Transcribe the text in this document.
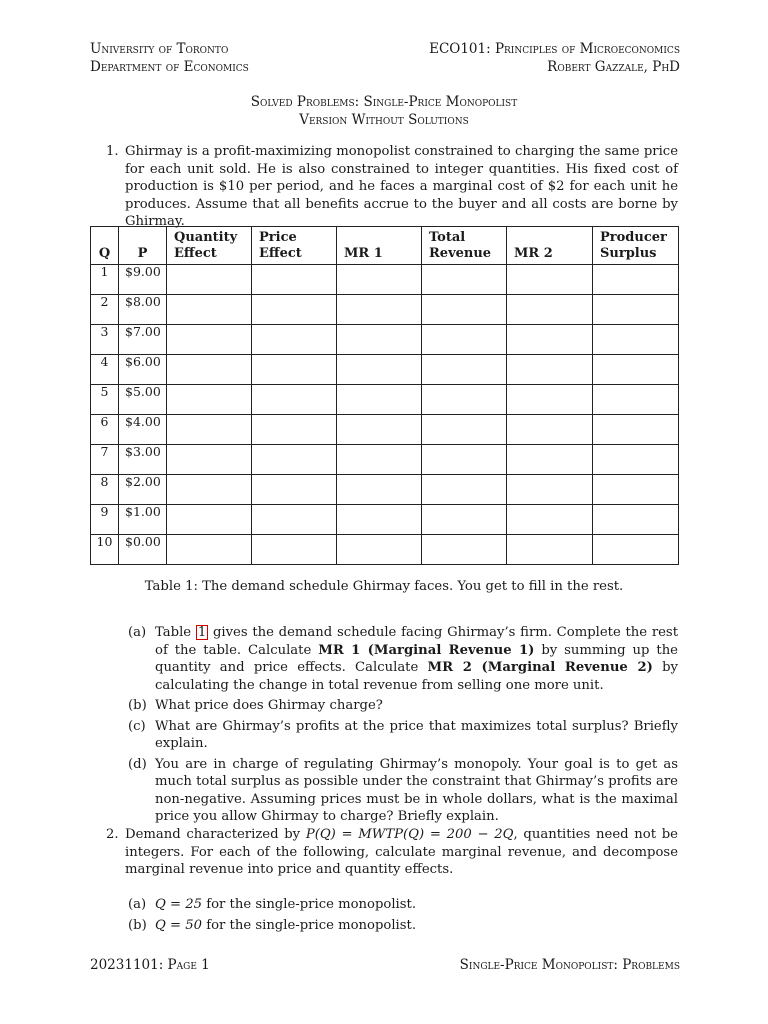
University of Toronto
Department of Economics
ECO101: Principles of Microeconomics
Robert Gazzale, PhD
Solved Problems: Single-Price Monopolist
Version Without Solutions
1. Ghirmay is a profit-maximizing monopolist constrained to charging the same price for each unit sold. He is also constrained to integer quantities. His fixed cost of production is $10 per period, and he faces a marginal cost of $2 for each unit he produces. Assume that all benefits accrue to the buyer and all costs are borne by Ghirmay.
Q	P	Quantity Effect	Price Effect	MR 1	Total Revenue	MR 2	Producer Surplus
1	$9.00						
2	$8.00						
3	$7.00						
4	$6.00						
5	$5.00						
6	$4.00						
7	$3.00						
8	$2.00						
9	$1.00						
10	$0.00						
Table 1: The demand schedule Ghirmay faces. You get to fill in the rest.
(a) Table 1 gives the demand schedule facing Ghirmay’s firm. Complete the rest of the table. Calculate MR 1 (Marginal Revenue 1) by summing up the quantity and price effects. Calculate MR 2 (Marginal Revenue 2) by calculating the change in total revenue from selling one more unit.
(b) What price does Ghirmay charge?
(c) What are Ghirmay’s profits at the price that maximizes total surplus? Briefly explain.
(d) You are in charge of regulating Ghirmay’s monopoly. Your goal is to get as much total surplus as possible under the constraint that Ghirmay’s profits are non-negative. Assuming prices must be in whole dollars, what is the maximal price you allow Ghirmay to charge? Briefly explain.
2. Demand characterized by P(Q) = MWTP(Q) = 200 − 2Q, quantities need not be integers. For each of the following, calculate marginal revenue, and decompose marginal revenue into price and quantity effects.
(a) Q = 25 for the single-price monopolist.
(b) Q = 50 for the single-price monopolist.
20231101: Page 1	Single-Price Monopolist: Problems
